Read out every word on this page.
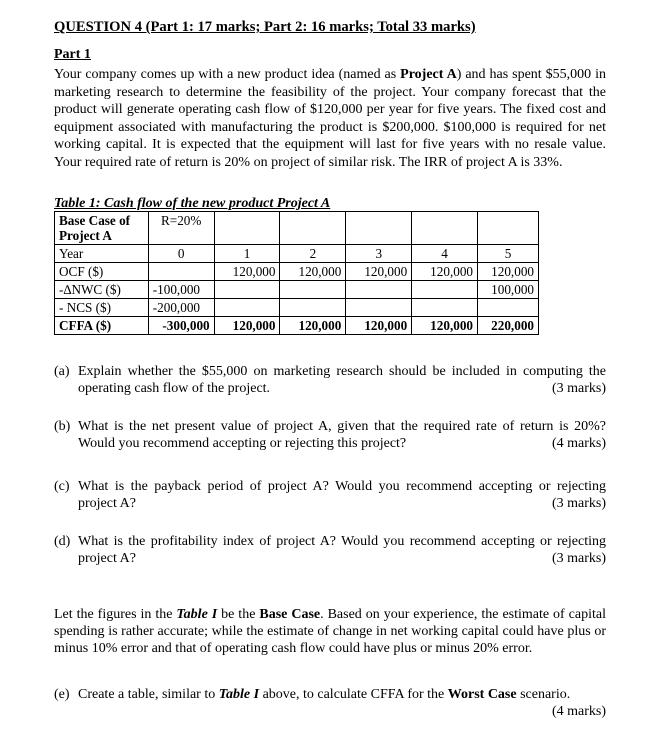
QUESTION 4 (Part 1: 17 marks; Part 2: 16 marks; Total 33 marks)
Part 1
Your company comes up with a new product idea (named as Project A) and has spent $55,000 in marketing research to determine the feasibility of the project. Your company forecast that the product will generate operating cash flow of $120,000 per year for five years. The fixed cost and equipment associated with manufacturing the product is $200,000. $100,000 is required for net working capital. It is expected that the equipment will last for five years with no resale value. Your required rate of return is 20% on project of similar risk. The IRR of project A is 33%.
Table 1: Cash flow of the new product Project A
Base Case of Project A	R=20%					
Year	0	1	2	3	4	5
OCF ($)		120,000	120,000	120,000	120,000	120,000
-∆NWC ($)	-100,000					100,000
- NCS ($)	-200,000					
CFFA ($)	-300,000	120,000	120,000	120,000	120,000	220,000
(a) Explain whether the $55,000 on marketing research should be included in computing the operating cash flow of the project.	(3 marks)
(b) What is the net present value of project A, given that the required rate of return is 20%? Would you recommend accepting or rejecting this project?	(4 marks)
(c) What is the payback period of project A? Would you recommend accepting or rejecting project A?	(3 marks)
(d) What is the profitability index of project A? Would you recommend accepting or rejecting project A?	(3 marks)
Let the figures in the Table I be the Base Case. Based on your experience, the estimate of capital spending is rather accurate; while the estimate of change in net working capital could have plus or minus 10% error and that of operating cash flow could have plus or minus 20% error.
(e) Create a table, similar to Table I above, to calculate CFFA for the Worst Case scenario.
(4 marks)
